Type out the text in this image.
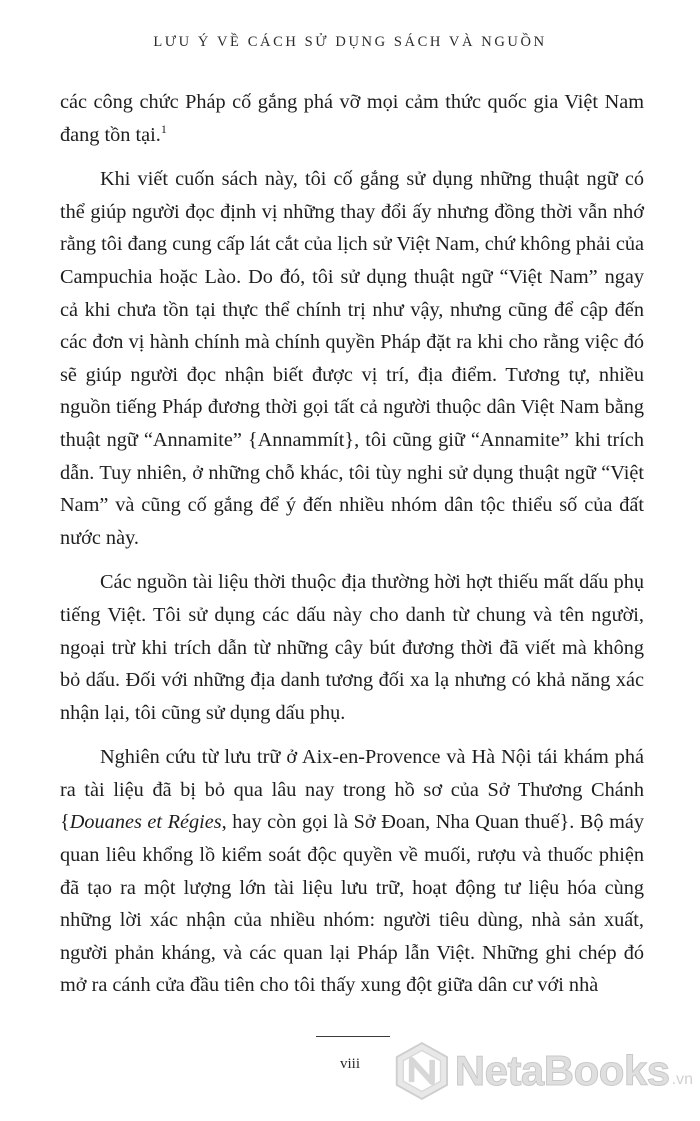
LƯU Ý VỀ CÁCH SỬ DỤNG SÁCH VÀ NGUỒN

các công chức Pháp cố gắng phá vỡ mọi cảm thức quốc gia Việt Nam đang tồn tại.$^1$

Khi viết cuốn sách này, tôi cố gắng sử dụng những thuật ngữ có thể giúp người đọc định vị những thay đổi ấy nhưng đồng thời vẫn nhớ rằng tôi đang cung cấp lát cắt của lịch sử Việt Nam, chứ không phải của Campuchia hoặc Lào. Do đó, tôi sử dụng thuật ngữ “Việt Nam” ngay cả khi chưa tồn tại thực thể chính trị như vậy, nhưng cũng để cập đến các đơn vị hành chính mà chính quyền Pháp đặt ra khi cho rằng việc đó sẽ giúp người đọc nhận biết được vị trí, địa điểm. Tương tự, nhiều nguồn tiếng Pháp đương thời gọi tất cả người thuộc dân Việt Nam bằng thuật ngữ “Annamite” {Annammít}, tôi cũng giữ “Annamite” khi trích dẫn. Tuy nhiên, ở những chỗ khác, tôi tùy nghi sử dụng thuật ngữ “Việt Nam” và cũng cố gắng để ý đến nhiều nhóm dân tộc thiểu số của đất nước này.

Các nguồn tài liệu thời thuộc địa thường hời hợt thiếu mất dấu phụ tiếng Việt. Tôi sử dụng các dấu này cho danh từ chung và tên người, ngoại trừ khi trích dẫn từ những cây bút đương thời đã viết mà không bỏ dấu. Đối với những địa danh tương đối xa lạ nhưng có khả năng xác nhận lại, tôi cũng sử dụng dấu phụ.

Nghiên cứu từ lưu trữ ở Aix-en-Provence và Hà Nội tái khám phá ra tài liệu đã bị bỏ qua lâu nay trong hồ sơ của Sở Thương Chánh {Douanes et Régies, hay còn gọi là Sở Đoan, Nha Quan thuế}. Bộ máy quan liêu khổng lồ kiểm soát độc quyền về muối, rượu và thuốc phiện đã tạo ra một lượng lớn tài liệu lưu trữ, hoạt động tư liệu hóa cùng những lời xác nhận của nhiều nhóm: người tiêu dùng, nhà sản xuất, người phản kháng, và các quan lại Pháp lẫn Việt. Những ghi chép đó mở ra cánh cửa đầu tiên cho tôi thấy xung đột giữa dân cư với nhà

viii	NetaBooks .vn
